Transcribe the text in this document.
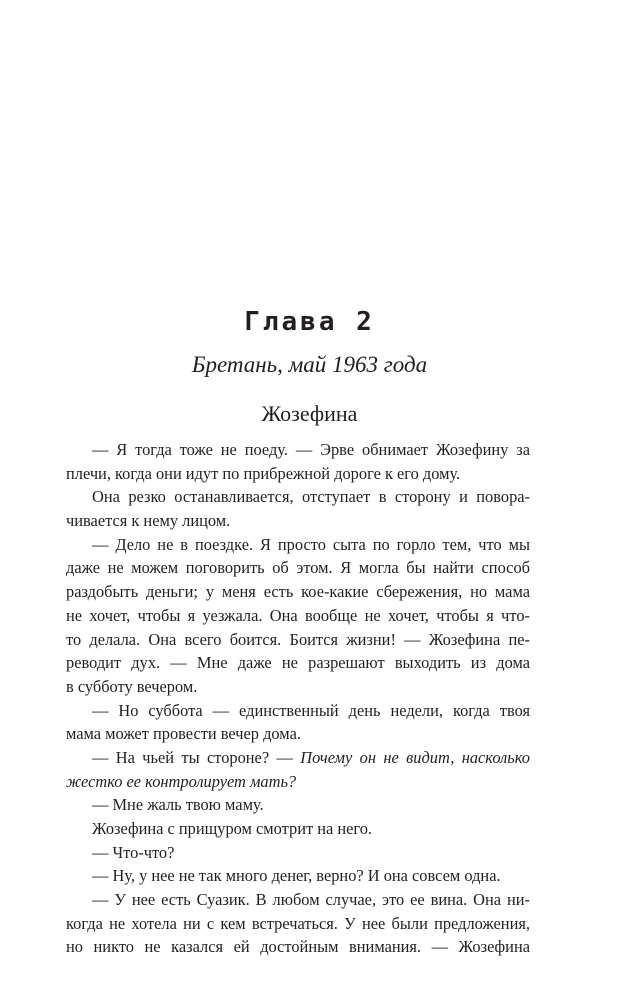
Глава 2
Бретань, май 1963 года
Жозефина
— Я тогда тоже не поеду. — Эрве обнимает Жозефину за
плечи, когда они идут по прибрежной дороге к его дому.
Она резко останавливается, отступает в сторону и повора-
чивается к нему лицом.
— Дело не в поездке. Я просто сыта по горло тем, что мы
даже не можем поговорить об этом. Я могла бы найти способ
раздобыть деньги; у меня есть кое-какие сбережения, но мама
не хочет, чтобы я уезжала. Она вообще не хочет, чтобы я что-
то делала. Она всего боится. Боится жизни! — Жозефина пе-
реводит дух. — Мне даже не разрешают выходить из дома
в субботу вечером.
— Но суббота — единственный день недели, когда твоя
мама может провести вечер дома.
— На чьей ты стороне? — Почему он не видит, насколько
жестко ее контролирует мать?
— Мне жаль твою маму.
Жозефина с прищуром смотрит на него.
— Что-что?
— Ну, у нее не так много денег, верно? И она совсем одна.
— У нее есть Суазик. В любом случае, это ее вина. Она ни-
когда не хотела ни с кем встречаться. У нее были предложения,
но никто не казался ей достойным внимания. — Жозефина
